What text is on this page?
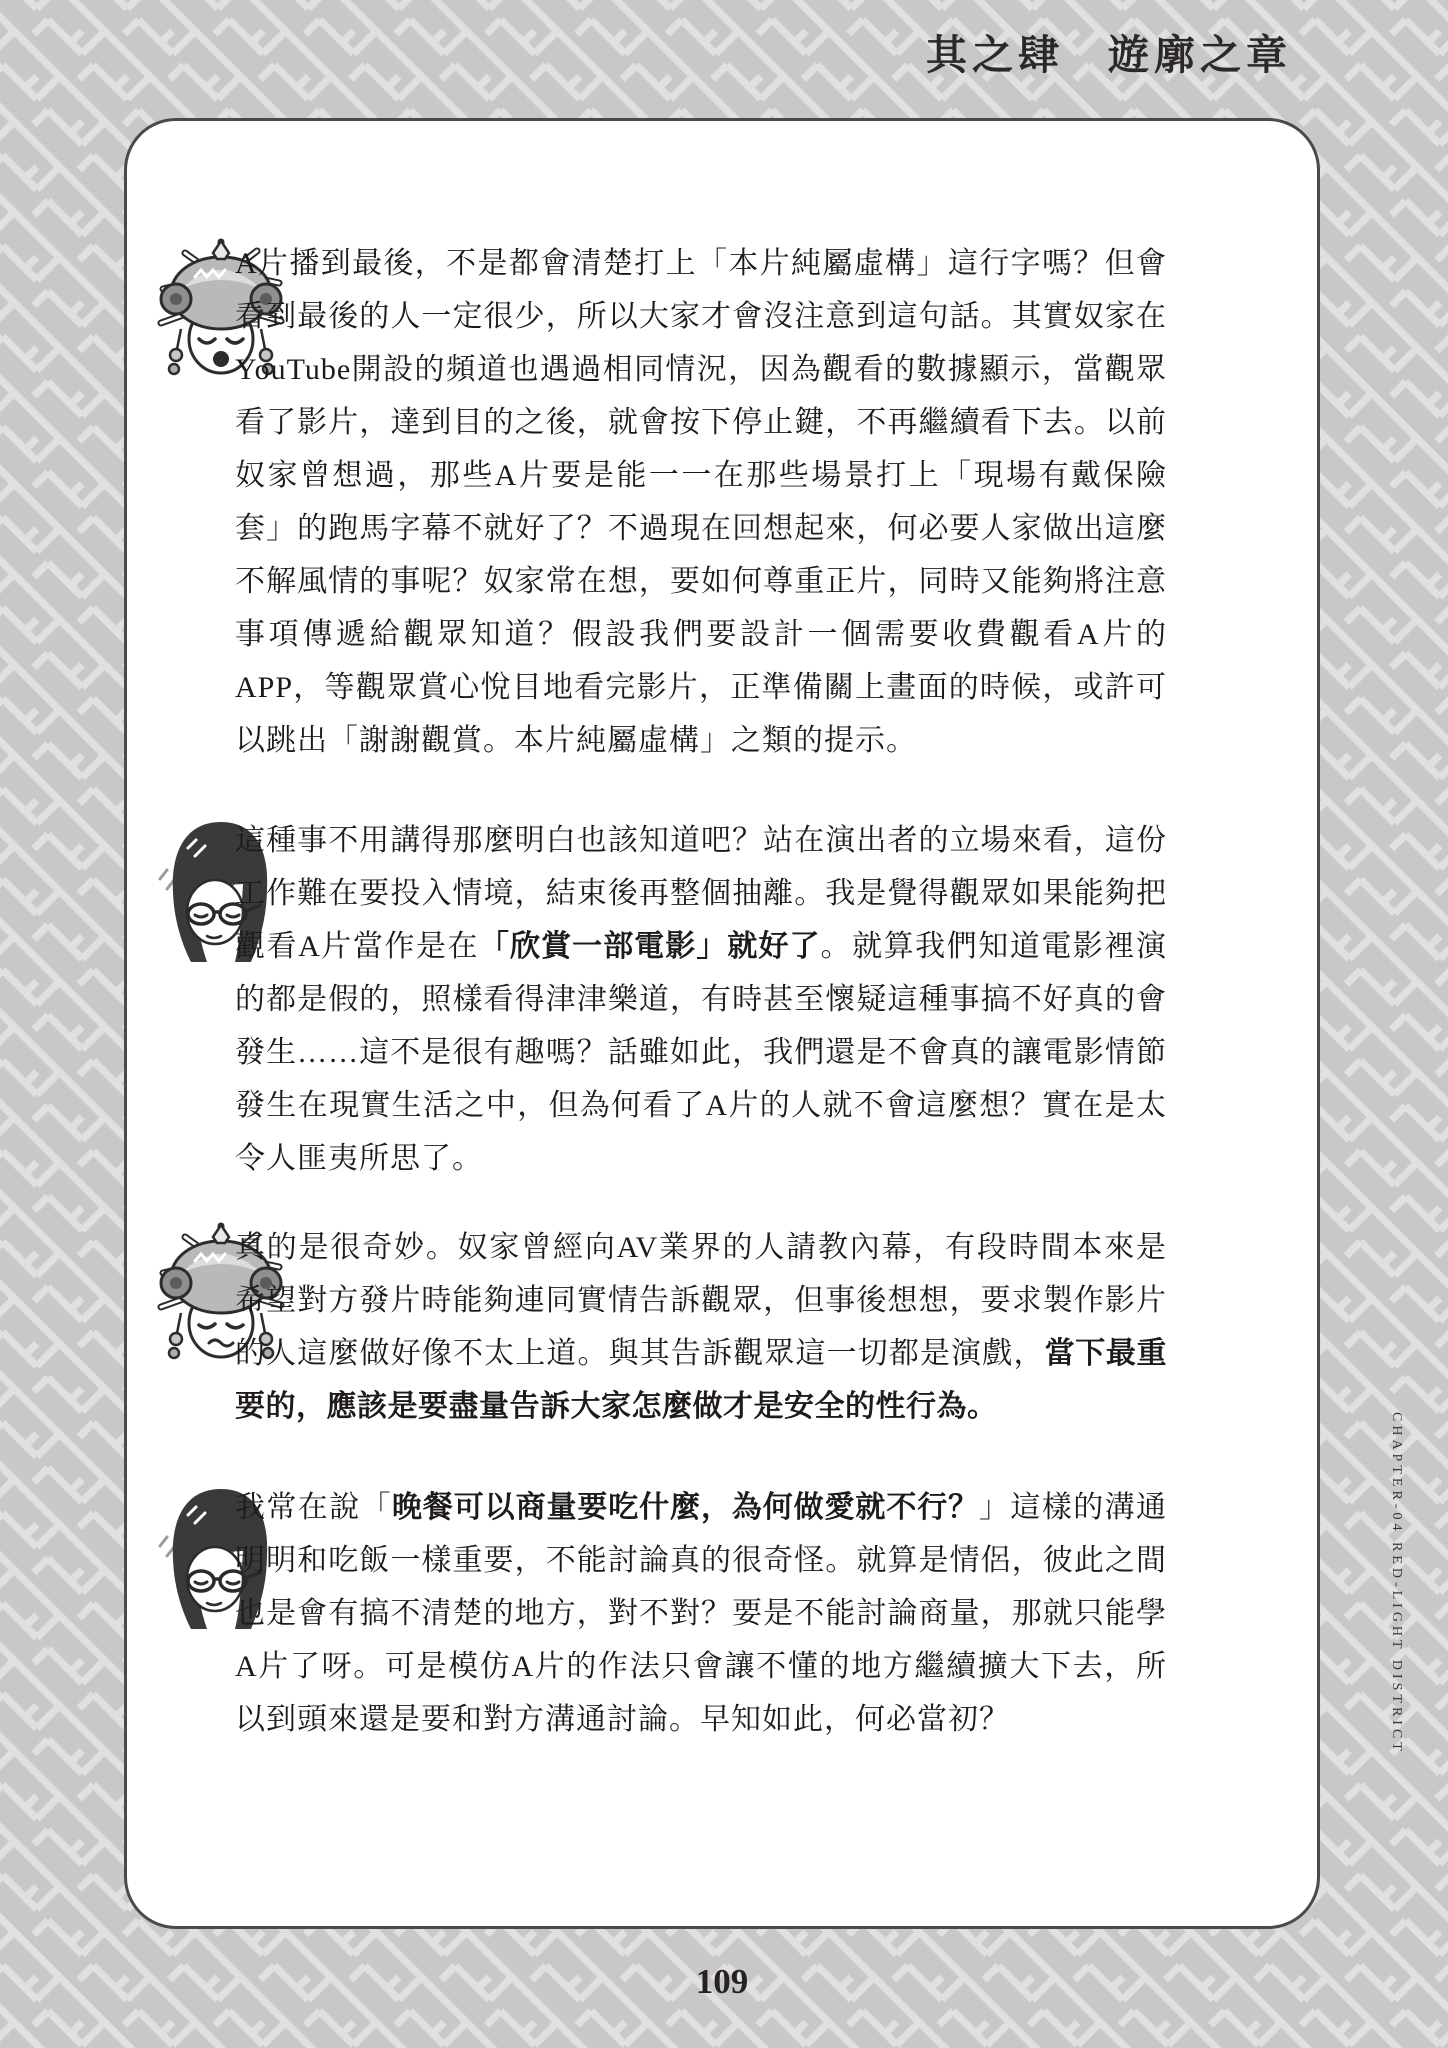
其之肆 遊廓之章

A片播到最後，不是都會清楚打上「本片純屬虛構」這行字嗎？但會看到最後的人一定很少，所以大家才會沒注意到這句話。其實奴家在YouTube開設的頻道也遇過相同情況，因為觀看的數據顯示，當觀眾看了影片，達到目的之後，就會按下停止鍵，不再繼續看下去。以前奴家曾想過，那些A片要是能一一在那些場景打上「現場有戴保險套」的跑馬字幕不就好了？不過現在回想起來，何必要人家做出這麼不解風情的事呢？奴家常在想，要如何尊重正片，同時又能夠將注意事項傳遞給觀眾知道？假設我們要設計一個需要收費觀看A片的APP，等觀眾賞心悅目地看完影片，正準備關上畫面的時候，或許可以跳出「謝謝觀賞。本片純屬虛構」之類的提示。

這種事不用講得那麼明白也該知道吧？站在演出者的立場來看，這份工作難在要投入情境，結束後再整個抽離。我是覺得觀眾如果能夠把觀看A片當作是在「欣賞一部電影」就好了。就算我們知道電影裡演的都是假的，照樣看得津津樂道，有時甚至懷疑這種事搞不好真的會發生……這不是很有趣嗎？話雖如此，我們還是不會真的讓電影情節發生在現實生活之中，但為何看了A片的人就不會這麼想？實在是太令人匪夷所思了。

真的是很奇妙。奴家曾經向AV業界的人請教內幕，有段時間本來是希望對方發片時能夠連同實情告訴觀眾，但事後想想，要求製作影片的人這麼做好像不太上道。與其告訴觀眾這一切都是演戲，當下最重要的，應該是要盡量告訴大家怎麼做才是安全的性行為。

我常在說「晚餐可以商量要吃什麼，為何做愛就不行？」這樣的溝通明明和吃飯一樣重要，不能討論真的很奇怪。就算是情侶，彼此之間也是會有搞不清楚的地方，對不對？要是不能討論商量，那就只能學A片了呀。可是模仿A片的作法只會讓不懂的地方繼續擴大下去，所以到頭來還是要和對方溝通討論。早知如此，何必當初？	CHAPTER-04 RED-LIGHT DISTRICT
109
